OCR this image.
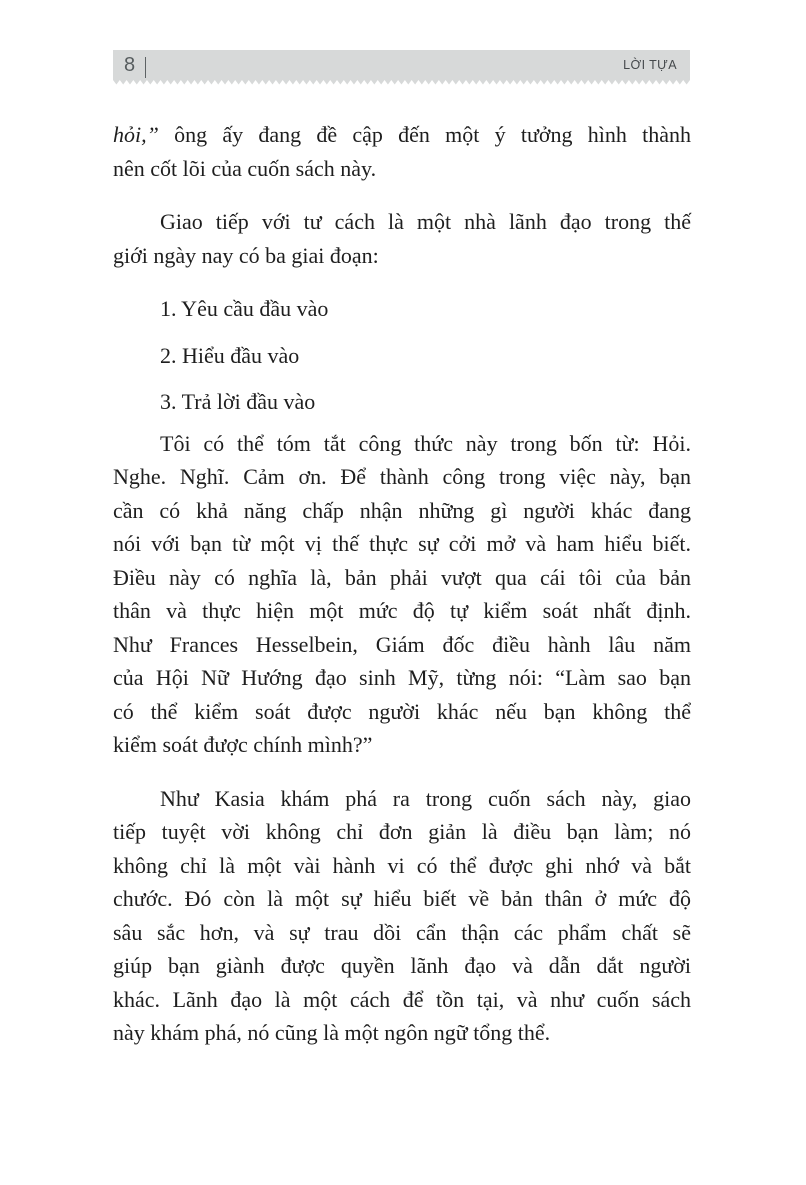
8	LỜI TỰA
hỏi,” ông ấy đang đề cập đến một ý tưởng hình thành
nên cốt lõi của cuốn sách này.
Giao tiếp với tư cách là một nhà lãnh đạo trong thế
giới ngày nay có ba giai đoạn:
1. Yêu cầu đầu vào
2. Hiểu đầu vào
3. Trả lời đầu vào
Tôi có thể tóm tắt công thức này trong bốn từ: Hỏi.
Nghe. Nghĩ. Cảm ơn. Để thành công trong việc này, bạn
cần có khả năng chấp nhận những gì người khác đang
nói với bạn từ một vị thế thực sự cởi mở và ham hiểu biết.
Điều này có nghĩa là, bản phải vượt qua cái tôi của bản
thân và thực hiện một mức độ tự kiểm soát nhất định.
Như Frances Hesselbein, Giám đốc điều hành lâu năm
của Hội Nữ Hướng đạo sinh Mỹ, từng nói: “Làm sao bạn
có thể kiểm soát được người khác nếu bạn không thể
kiểm soát được chính mình?”
Như Kasia khám phá ra trong cuốn sách này, giao
tiếp tuyệt vời không chỉ đơn giản là điều bạn làm; nó
không chỉ là một vài hành vi có thể được ghi nhớ và bắt
chước. Đó còn là một sự hiểu biết về bản thân ở mức độ
sâu sắc hơn, và sự trau dồi cẩn thận các phẩm chất sẽ
giúp bạn giành được quyền lãnh đạo và dẫn dắt người
khác. Lãnh đạo là một cách để tồn tại, và như cuốn sách
này khám phá, nó cũng là một ngôn ngữ tổng thể.
